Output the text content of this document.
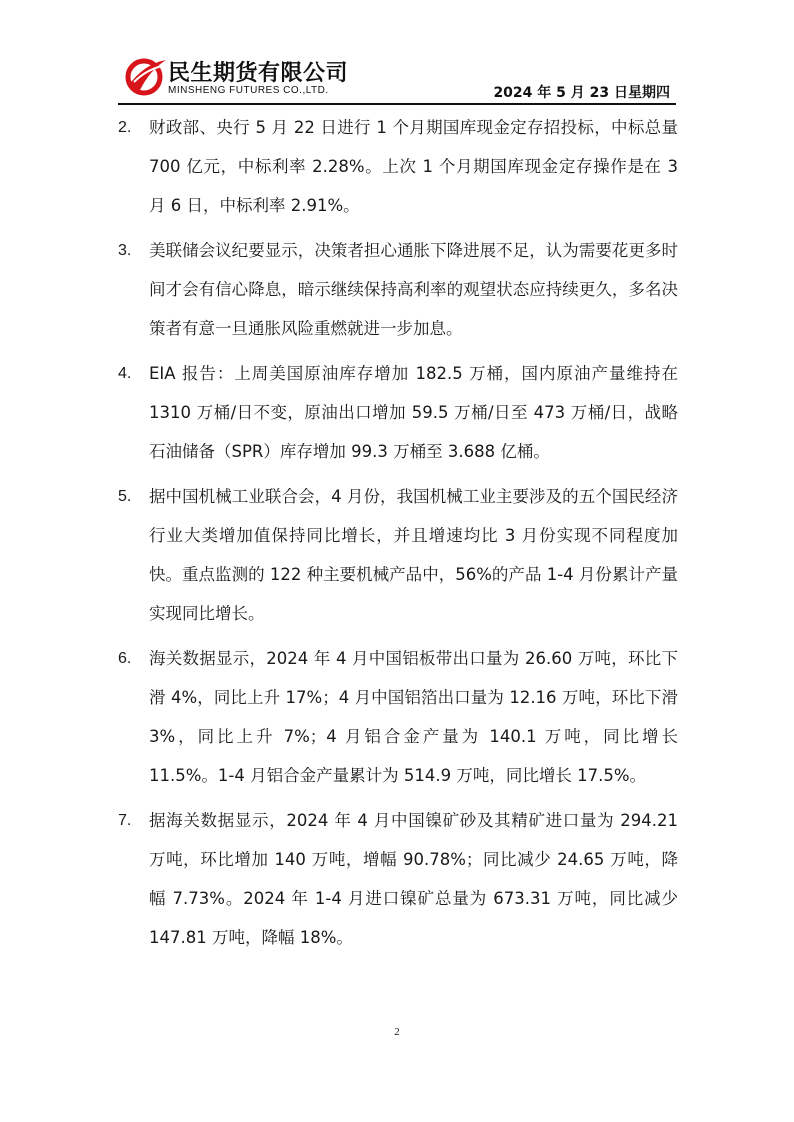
民生期货有限公司
MINSHENG FUTURES CO.,LTD.	2024 年 5 月 23 日星期四
2. 财政部、央行 5 月 22 日进行 1 个月期国库现金定存招投标，中标总量 700 亿元，中标利率 2.28%。上次 1 个月期国库现金定存操作是在 3 月 6 日，中标利率 2.91%。

3. 美联储会议纪要显示，决策者担心通胀下降进展不足，认为需要花更多时间才会有信心降息，暗示继续保持高利率的观望状态应持续更久，多名决策者有意一旦通胀风险重燃就进一步加息。

4. EIA 报告：上周美国原油库存增加 182.5 万桶，国内原油产量维持在 1310 万桶/日不变，原油出口增加 59.5 万桶/日至 473 万桶/日，战略石油储备（SPR）库存增加 99.3 万桶至 3.688 亿桶。

5. 据中国机械工业联合会，4 月份，我国机械工业主要涉及的五个国民经济行业大类增加值保持同比增长，并且增速均比 3 月份实现不同程度加快。重点监测的 122 种主要机械产品中，56%的产品 1-4 月份累计产量实现同比增长。

6. 海关数据显示，2024 年 4 月中国铝板带出口量为 26.60 万吨，环比下滑 4%，同比上升 17%；4 月中国铝箔出口量为 12.16 万吨，环比下滑 3%，同比上升 7%；4 月铝合金产量为 140.1 万吨，同比增长 11.5%。1-4 月铝合金产量累计为 514.9 万吨，同比增长 17.5%。

7. 据海关数据显示，2024 年 4 月中国镍矿砂及其精矿进口量为 294.21 万吨，环比增加 140 万吨，增幅 90.78%；同比减少 24.65 万吨，降幅 7.73%。2024 年 1-4 月进口镍矿总量为 673.31 万吨，同比减少 147.81 万吨，降幅 18%。

2
